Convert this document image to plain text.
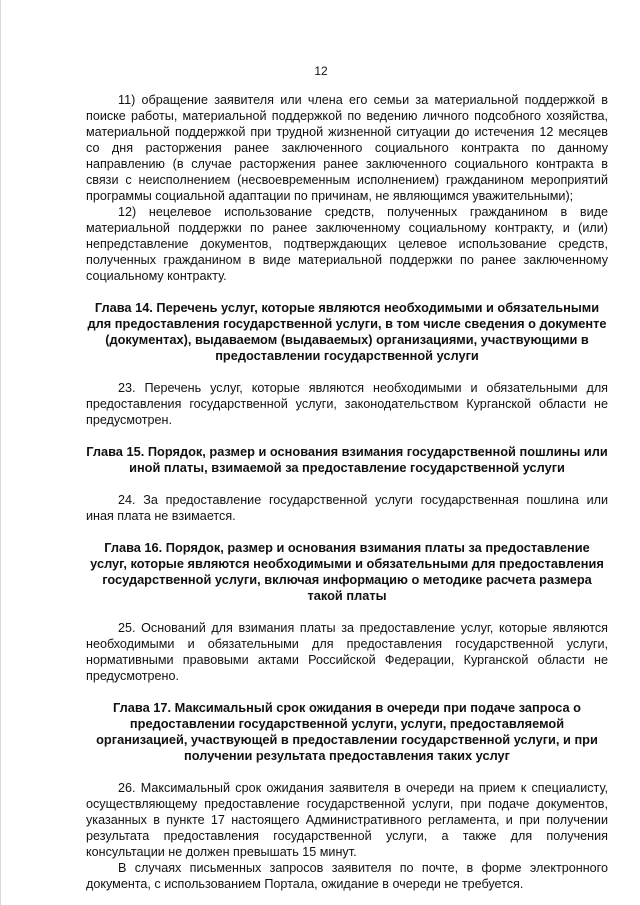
12

11) обращение заявителя или члена его семьи за материальной поддержкой в поиске работы, материальной поддержкой по ведению личного подсобного хозяйства, материальной поддержкой при трудной жизненной ситуации до истечения 12 месяцев со дня расторжения ранее заключенного социального контракта по данному направлению (в случае расторжения ранее заключенного социального контракта в связи с неисполнением (несвоевременным исполнением) гражданином мероприятий программы социальной адаптации по причинам, не являющимся уважительными);

12) нецелевое использование средств, полученных гражданином в виде материальной поддержки по ранее заключенному социальному контракту, и (или) непредставление документов, подтверждающих целевое использование средств, полученных гражданином в виде материальной поддержки по ранее заключенному социальному контракту.

Глава 14. Перечень услуг, которые являются необходимыми и обязательными для предоставления государственной услуги, в том числе сведения о документе (документах), выдаваемом (выдаваемых) организациями, участвующими в предоставлении государственной услуги

23. Перечень услуг, которые являются необходимыми и обязательными для предоставления государственной услуги, законодательством Курганской области не предусмотрен.

Глава 15. Порядок, размер и основания взимания государственной пошлины или иной платы, взимаемой за предоставление государственной услуги

24. За предоставление государственной услуги государственная пошлина или иная плата не взимается.

Глава 16. Порядок, размер и основания взимания платы за предоставление услуг, которые являются необходимыми и обязательными для предоставления государственной услуги, включая информацию о методике расчета размера такой платы

25. Оснований для взимания платы за предоставление услуг, которые являются необходимыми и обязательными для предоставления государственной услуги, нормативными правовыми актами Российской Федерации, Курганской области не предусмотрено.

Глава 17. Максимальный срок ожидания в очереди при подаче запроса о предоставлении государственной услуги, услуги, предоставляемой организацией, участвующей в предоставлении государственной услуги, и при получении результата предоставления таких услуг

26. Максимальный срок ожидания заявителя в очереди на прием к специалисту, осуществляющему предоставление государственной услуги, при подаче документов, указанных в пункте 17 настоящего Административного регламента, и при получении результата предоставления государственной услуги, а также для получения консультации не должен превышать 15 минут.

В случаях письменных запросов заявителя по почте, в форме электронного документа, с использованием Портала, ожидание в очереди не требуется.
